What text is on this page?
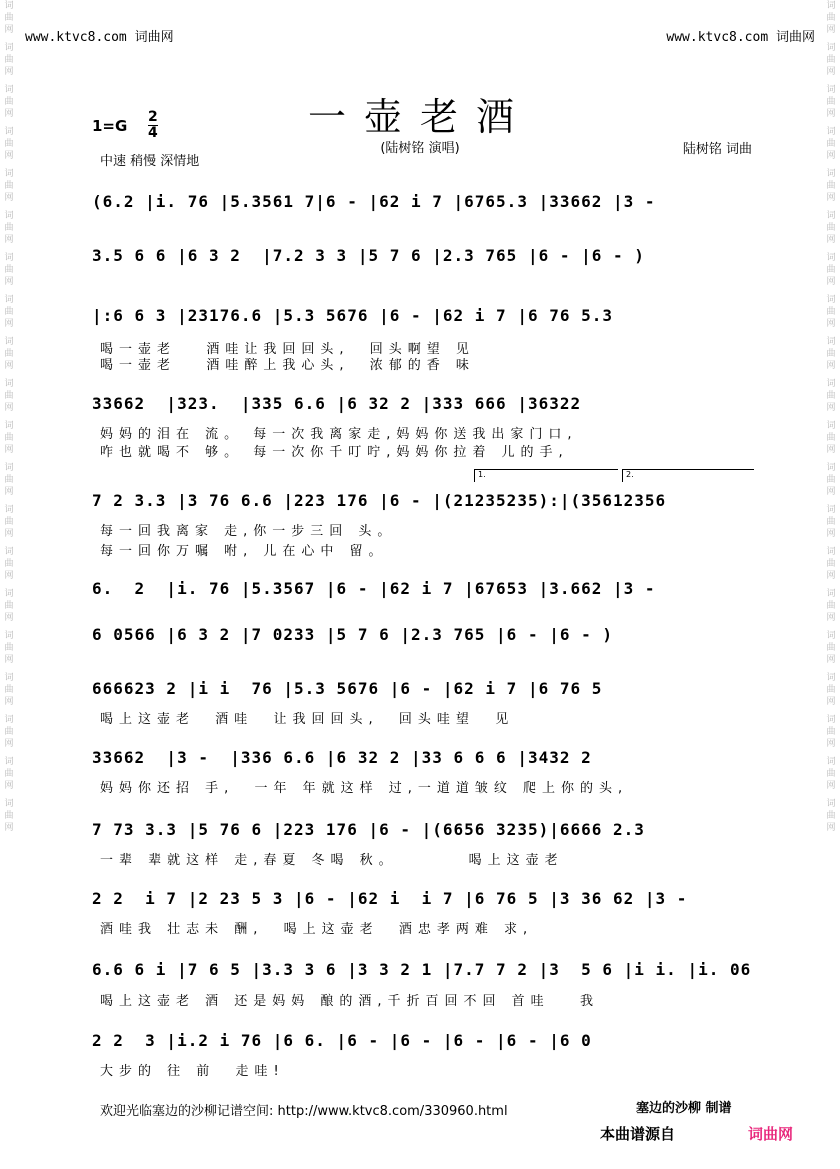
词曲网
词曲网
词曲网
词曲网
词曲网
词曲网
词曲网
词曲网
词曲网
词曲网
词曲网
词曲网
词曲网
词曲网
词曲网
词曲网
词曲网
词曲网
词曲网
词曲网
词曲网
词曲网
词曲网
词曲网
词曲网
词曲网
词曲网
词曲网
词曲网
词曲网
词曲网
词曲网
词曲网
词曲网
词曲网
词曲网
词曲网
词曲网
词曲网
词曲网
www.ktvc8.com 词曲网	www.ktvc8.com 词曲网
$1=G \frac{2}{4}$
中速 稍慢 深情地
一壶老酒
(陆树铭 演唱)	陆树铭 词曲
(6.2 |i. 76 |5.3561 7|6 - |62 i 7 |6765.3 |33662 |3 -
3.5 6 6 |6 3 2  |7.2 3 3 |5 7 6 |2.3 765 |6 - |6 - )
|:6 6 3 |23176.6 |5.3 5676 |6 - |62 i 7 |6 76 5.3
喝一壶老   酒哇让我回回头,  回头啊望 见
喝一壶老   酒哇醉上我心头,  浓郁的香 味
33662  |323.  |335 6.6 |6 32 2 |333 666 |36322
妈妈的泪在 流。 每一次我离家走,妈妈你送我出家门口,
咋也就喝不 够。 每一次你千叮咛,妈妈你拉着 儿的手,
1.	2.
7 2 3.3 |3 76 6.6 |223 176 |6 - |(21235235):|(35612356
每一回我离家 走,你一步三回 头。
每一回你万嘱 咐, 儿在心中 留。
6.  2  |i. 76 |5.3567 |6 - |62 i 7 |67653 |3.662 |3 -
6 0566 |6 3 2 |7 0233 |5 7 6 |2.3 765 |6 - |6 - )
666623 2 |i i  76 |5.3 5676 |6 - |62 i 7 |6 76 5
喝上这壶老  酒哇  让我回回头,  回头哇望  见
33662  |3 -  |336 6.6 |6 32 2 |33 6 6 6 |3432 2
妈妈你还招 手,  一年 年就这样 过,一道道皱纹 爬上你的头,
7 73 3.3 |5 76 6 |223 176 |6 - |(6656 3235)|6666 2.3
一辈 辈就这样 走,春夏 冬喝 秋。       喝上这壶老
2 2  i 7 |2 23 5 3 |6 - |62 i  i 7 |6 76 5 |3 36 62 |3 -
酒哇我 壮志未 酬,  喝上这壶老  酒忠孝两难 求,
6.6 6 i |7 6 5 |3.3 3 6 |3 3 2 1 |7.7 7 2 |3  5 6 |i i. |i. 06
喝上这壶老 酒 还是妈妈 酿的酒,千折百回不回 首哇   我
2 2  3 |i.2 i 76 |6 6. |6 - |6 - |6 - |6 - |6 0
大步的 往 前  走哇!
欢迎光临塞边的沙柳记谱空间: http://www.ktvc8.com/330960.html	塞边的沙柳 制谱
本曲谱源自	词曲网
